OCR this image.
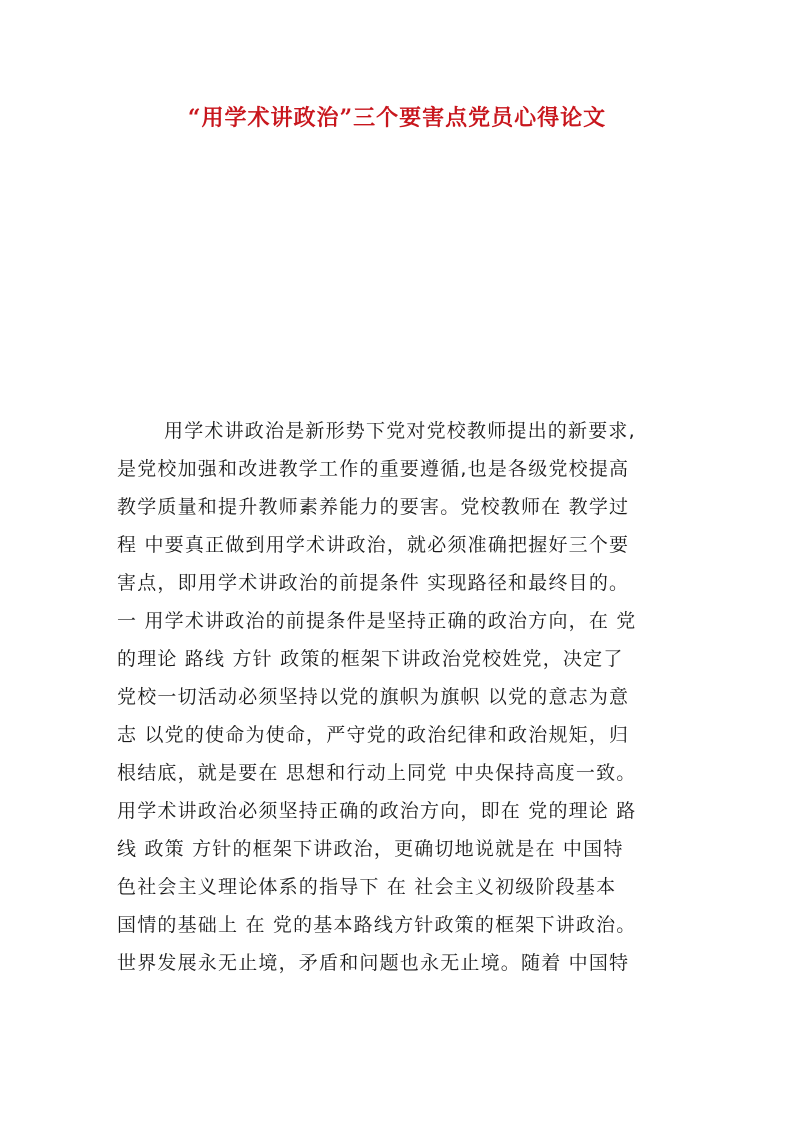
“用学术讲政治”三个要害点党员心得论文
用学术讲政治是新形势下党对党校教师提出的新要求,
是党校加强和改进教学工作的重要遵循,也是各级党校提高
教学质量和提升教师素养能力的要害。党校教师在 教学过
程 中要真正做到用学术讲政治，就必须准确把握好三个要
害点，即用学术讲政治的前提条件 实现路径和最终目的。
一 用学术讲政治的前提条件是坚持正确的政治方向，在 党
的理论 路线 方针 政策的框架下讲政治党校姓党，决定了
党校一切活动必须坚持以党的旗帜为旗帜 以党的意志为意
志 以党的使命为使命，严守党的政治纪律和政治规矩，归
根结底，就是要在 思想和行动上同党 中央保持高度一致。
用学术讲政治必须坚持正确的政治方向，即在 党的理论 路
线 政策 方针的框架下讲政治，更确切地说就是在 中国特
色社会主义理论体系的指导下 在 社会主义初级阶段基本
国情的基础上 在 党的基本路线方针政策的框架下讲政治。
世界发展永无止境，矛盾和问题也永无止境。随着 中国特
